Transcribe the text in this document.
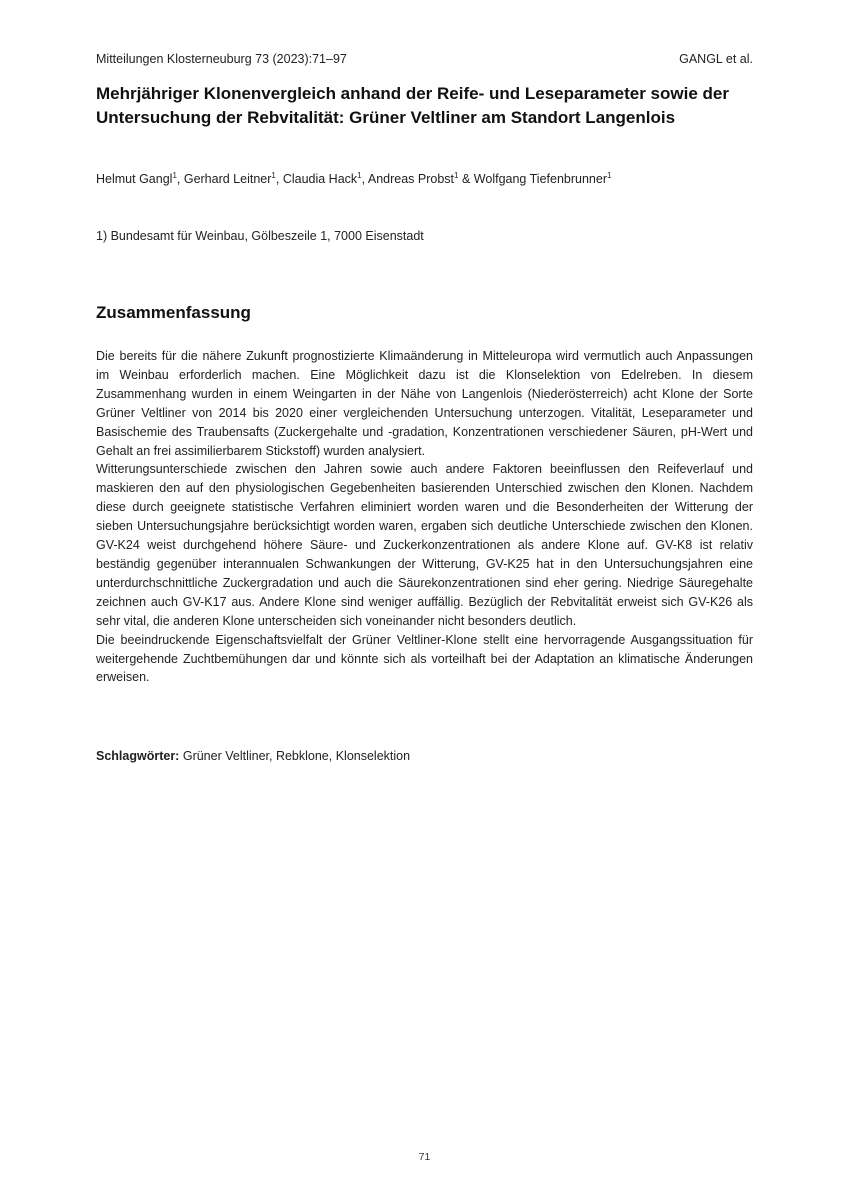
Mitteilungen Klosterneuburg 73 (2023):71–97	GANGL et al.
Mehrjähriger Klonenvergleich anhand der Reife- und Leseparameter sowie der Untersuchung der Rebvitalität: Grüner Veltliner am Standort Langenlois
Helmut Gangl$^1$, Gerhard Leitner$^1$, Claudia Hack$^1$, Andreas Probst$^1$ & Wolfgang Tiefenbrunner$^1$
1) Bundesamt für Weinbau, Gölbeszeile 1, 7000 Eisenstadt
Zusammenfassung

Die bereits für die nähere Zukunft prognostizierte Klimaänderung in Mitteleuropa wird vermutlich auch Anpassungen im Weinbau erforderlich machen. Eine Möglichkeit dazu ist die Klonselektion von Edelreben. In diesem Zusammenhang wurden in einem Weingarten in der Nähe von Langenlois (Niederösterreich) acht Klone der Sorte Grüner Veltliner von 2014 bis 2020 einer vergleichenden Untersuchung unterzogen. Vitalität, Leseparameter und Basischemie des Traubensafts (Zuckergehalte und -gradation, Konzentrationen verschiedener Säuren, pH-Wert und Gehalt an frei assimilierbarem Stickstoff) wurden analysiert.

Witterungsunterschiede zwischen den Jahren sowie auch andere Faktoren beeinflussen den Reifeverlauf und maskieren den auf den physiologischen Gegebenheiten basierenden Unterschied zwischen den Klonen. Nachdem diese durch geeignete statistische Verfahren eliminiert worden waren und die Besonderheiten der Witterung der sieben Untersuchungsjahre berücksichtigt worden waren, ergaben sich deutliche Unterschiede zwischen den Klonen. GV-K24 weist durchgehend höhere Säure- und Zuckerkonzentrationen als andere Klone auf. GV-K8 ist relativ beständig gegenüber interannualen Schwankungen der Witterung, GV-K25 hat in den Untersuchungsjahren eine unterdurchschnittliche Zuckergradation und auch die Säurekonzentrationen sind eher gering. Niedrige Säuregehalte zeichnen auch GV-K17 aus. Andere Klone sind weniger auffällig. Bezüglich der Rebvitalität erweist sich GV-K26 als sehr vital, die anderen Klone unterscheiden sich voneinander nicht besonders deutlich.

Die beeindruckende Eigenschaftsvielfalt der Grüner Veltliner-Klone stellt eine hervorragende Ausgangssituation für weitergehende Zuchtbemühungen dar und könnte sich als vorteilhaft bei der Adaptation an klimatische Änderungen erweisen.

Schlagwörter: Grüner Veltliner, Rebklone, Klonselektion
71
